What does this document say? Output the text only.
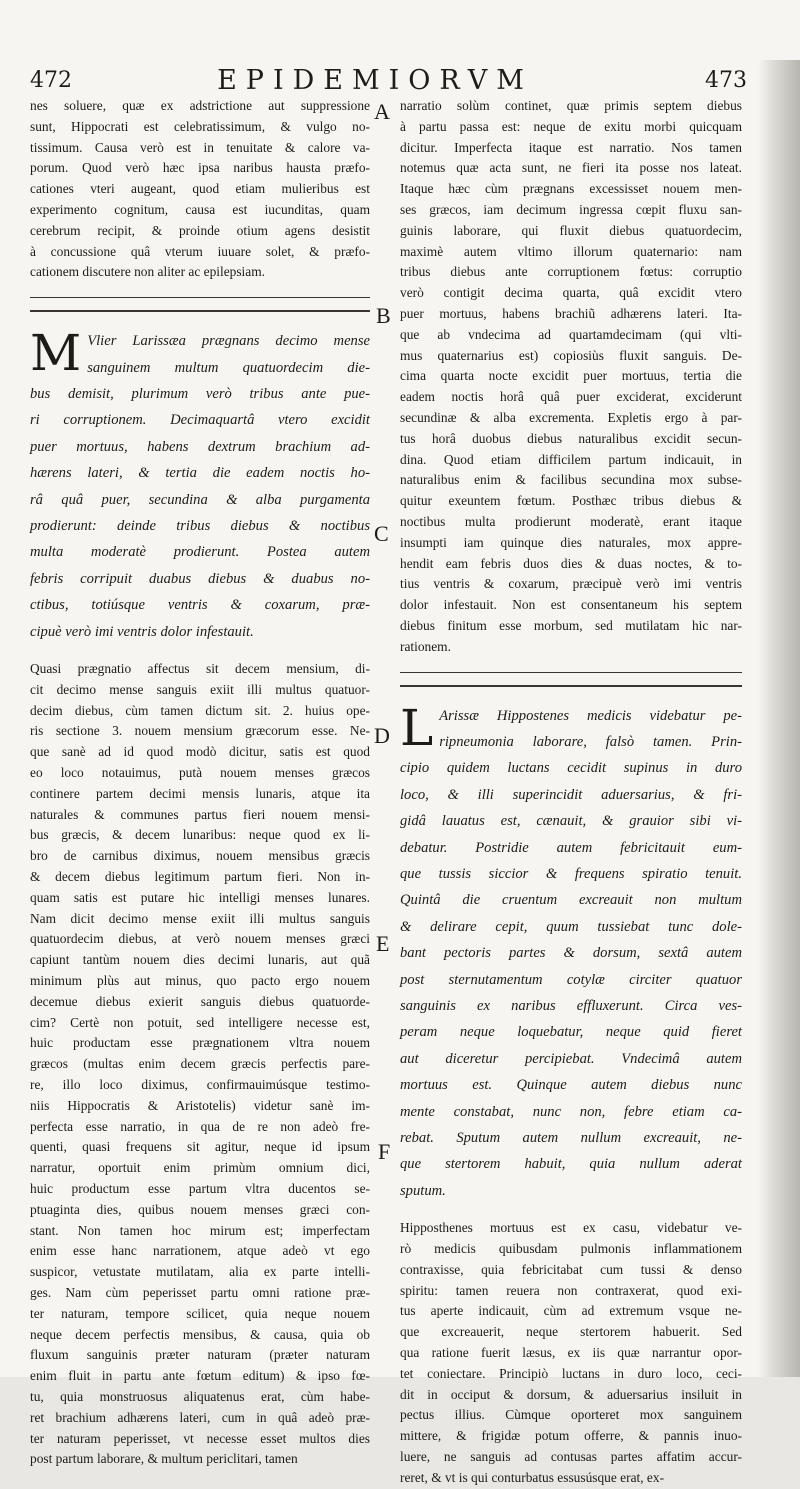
472	EPIDEMIORVM	473
nes soluere, quæ ex adstrictione aut suppressione
sunt, Hippocrati est celebratissimum, & vulgo no-
tissimum. Causa verò est in tenuitate & calore va-
porum. Quod verò hæc ipsa naribus hausta præfo-
cationes vteri augeant, quod etiam mulieribus est
experimento cognitum, causa est iucunditas, quam
cerebrum recipit, & proinde otium agens desistit
à concussione quâ vterum iuuare solet, & præfo-
cationem discutere non aliter ac epilepsiam.
M Vlier Larissæa prægnans decimo mense
sanguinem multum quatuordecim die-
bus demisit, plurimum verò tribus ante pue-
ri corruptionem. Decimaquartâ vtero excidit
puer mortuus, habens dextrum brachium ad-
hærens lateri, & tertia die eadem noctis ho-
râ quâ puer, secundina & alba purgamenta
prodierunt: deinde tribus diebus & noctibus
multa moderatè prodierunt. Postea autem
febris corripuit duabus diebus & duabus no-
ctibus, totiúsque ventris & coxarum, præ-
cipuè verò imi ventris dolor infestauit.
Quasi prægnatio affectus sit decem mensium, di-
cit decimo mense sanguis exiit illi multus quatuor-
decim diebus, cùm tamen dictum sit. 2. huius ope-
ris sectione 3. nouem mensium græcorum esse. Ne-
que sanè ad id quod modò dicitur, satis est quod
eo loco notauimus, putà nouem menses græcos
continere partem decimi mensis lunaris, atque ita
naturales & communes partus fieri nouem mensi-
bus græcis, & decem lunaribus: neque quod ex li-
bro de carnibus diximus, nouem mensibus græcis
& decem diebus legitimum partum fieri. Non in-
quam satis est putare hic intelligi menses lunares.
Nam dicit decimo mense exiit illi multus sanguis
quatuordecim diebus, at verò nouem menses græci
capiunt tantùm nouem dies decimi lunaris, aut quã
minimum plùs aut minus, quo pacto ergo nouem
decemue diebus exierit sanguis diebus quatuorde-
cim? Certè non potuit, sed intelligere necesse est,
huic productam esse prægnationem vltra nouem
græcos (multas enim decem græcis perfectis pare-
re, illo loco diximus, confirmauimúsque testimo-
niis Hippocratis & Aristotelis) videtur sanè im-
perfecta esse narratio, in qua de re non adeò fre-
quenti, quasi frequens sit agitur, neque id ipsum
narratur, oportuit enim primùm omnium dici,
huic productum esse partum vltra ducentos se-
ptuaginta dies, quibus nouem menses græci con-
stant. Non tamen hoc mirum est; imperfectam
enim esse hanc narrationem, atque adeò vt ego
suspicor, vetustate mutilatam, alia ex parte intelli-
ges. Nam cùm peperisset partu omni ratione præ-
ter naturam, tempore scilicet, quia neque nouem
neque decem perfectis mensibus, & causa, quia ob
fluxum sanguinis præter naturam (præter naturam
enim fluit in partu ante fœtum editum) & ipso fœ-
tu, quia monstruosus aliquatenus erat, cùm habe-
ret brachium adhærens lateri, cum in quâ adeò præ-
ter naturam peperisset, vt necesse esset multos dies
post partum laborare, & multum periclitari, tamen
narratio solùm continet, quæ primis septem diebus
à partu passa est: neque de exitu morbi quicquam
dicitur. Imperfecta itaque est narratio. Nos tamen
notemus quæ acta sunt, ne fieri ita posse nos lateat.
Itaque hæc cùm prægnans excessisset nouem men-
ses græcos, iam decimum ingressa cœpit fluxu san-
guinis laborare, qui fluxit diebus quatuordecim,
maximè autem vltimo illorum quaternario: nam
tribus diebus ante corruptionem fœtus: corruptio
verò contigit decima quarta, quâ excidit vtero
puer mortuus, habens brachiũ adhærens lateri. Ita-
que ab vndecima ad quartamdecimam (qui vlti-
mus quaternarius est) copiosiùs fluxit sanguis. De-
cima quarta nocte excidit puer mortuus, tertia die
eadem noctis horâ quâ puer exciderat, exciderunt
secundinæ & alba excrementa. Expletis ergo à par-
tus horâ duobus diebus naturalibus excidit secun-
dina. Quod etiam difficilem partum indicauit, in
naturalibus enim & facilibus secundina mox subse-
quitur exeuntem fœtum. Posthæc tribus diebus &
noctibus multa prodierunt moderatè, erant itaque
insumpti iam quinque dies naturales, mox appre-
hendit eam febris duos dies & duas noctes, & to-
tius ventris & coxarum, præcipuè verò imi ventris
dolor infestauit. Non est consentaneum his septem
diebus finitum esse morbum, sed mutilatam hic nar-
rationem.
L Arissæ Hippostenes medicis videbatur pe-
ripneumonia laborare, falsò tamen. Prin-
cipio quidem luctans cecidit supinus in duro
loco, & illi superincidit aduersarius, & fri-
gidâ lauatus est, cænauit, & grauior sibi vi-
debatur. Postridie autem febricitauit eum-
que tussis siccior & frequens spiratio tenuit.
Quintâ die cruentum excreauit non multum
& delirare cepit, quum tussiebat tunc dole-
bant pectoris partes & dorsum, sextâ autem
post sternutamentum cotylæ circiter quatuor
sanguinis ex naribus effluxerunt. Circa ves-
peram neque loquebatur, neque quid fieret
aut diceretur percipiebat. Vndecimâ autem
mortuus est. Quinque autem diebus nunc
mente constabat, nunc non, febre etiam ca-
rebat. Sputum autem nullum excreauit, ne-
que stertorem habuit, quia nullum aderat
sputum.
Hipposthenes mortuus est ex casu, videbatur ve-
rò medicis quibusdam pulmonis inflammationem
contraxisse, quia febricitabat cum tussi & denso
spiritu: tamen reuera non contraxerat, quod exi-
tus aperte indicauit, cùm ad extremum vsque ne-
que excreauerit, neque stertorem habuerit. Sed
qua ratione fuerit læsus, ex iis quæ narrantur opor-
tet coniectare. Principiò luctans in duro loco, ceci-
dit in occiput & dorsum, & aduersarius insiluit in
pectus illius. Cùmque oporteret mox sanguinem
mittere, & frigidæ potum offerre, & pannis inuo-
luere, ne sanguis ad contusas partes affatim accur-
reret, & vt is qui conturbatus essusúsque erat, ex-
A
B
C
D
E
F
